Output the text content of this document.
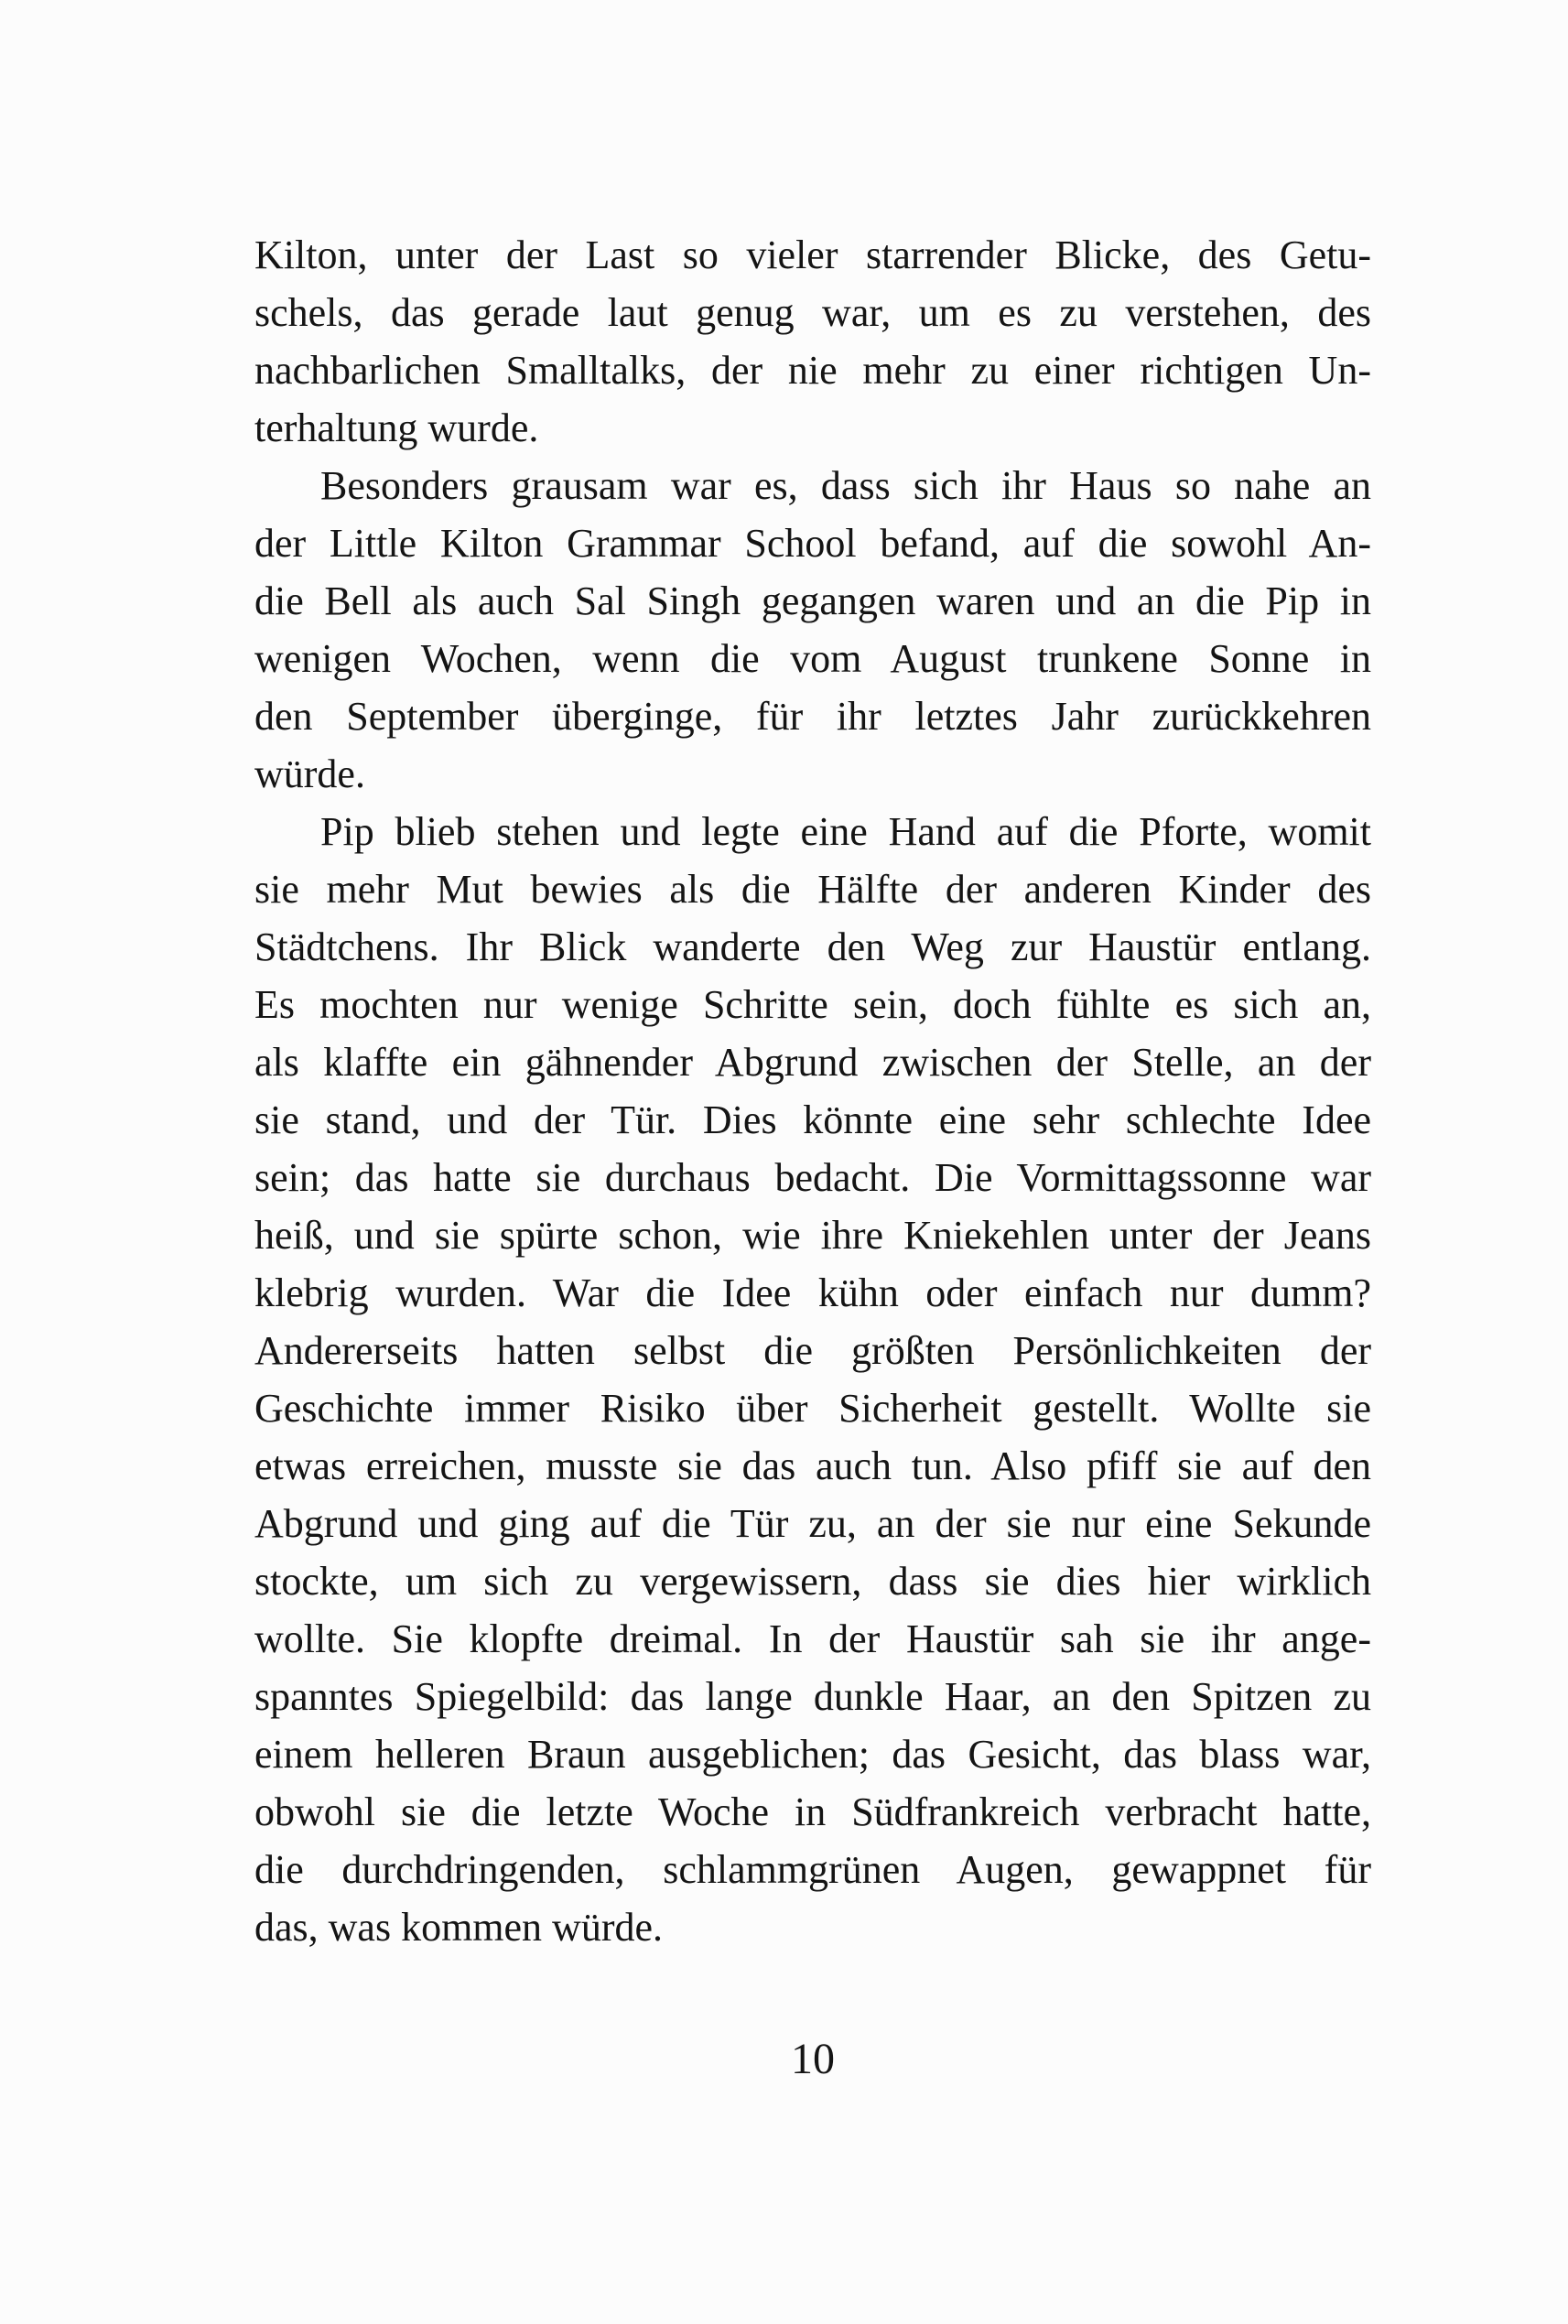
Kilton, unter der Last so vieler starrender Blicke, des Getu-
schels, das gerade laut genug war, um es zu verstehen, des
nachbarlichen Smalltalks, der nie mehr zu einer richtigen Un-
terhaltung wurde.
Besonders grausam war es, dass sich ihr Haus so nahe an
der Little Kilton Grammar School befand, auf die sowohl An-
die Bell als auch Sal Singh gegangen waren und an die Pip in
wenigen Wochen, wenn die vom August trunkene Sonne in
den September überginge, für ihr letztes Jahr zurückkehren
würde.
Pip blieb stehen und legte eine Hand auf die Pforte, womit
sie mehr Mut bewies als die Hälfte der anderen Kinder des
Städtchens. Ihr Blick wanderte den Weg zur Haustür entlang.
Es mochten nur wenige Schritte sein, doch fühlte es sich an,
als klaffte ein gähnender Abgrund zwischen der Stelle, an der
sie stand, und der Tür. Dies könnte eine sehr schlechte Idee
sein; das hatte sie durchaus bedacht. Die Vormittagssonne war
heiß, und sie spürte schon, wie ihre Kniekehlen unter der Jeans
klebrig wurden. War die Idee kühn oder einfach nur dumm?
Andererseits hatten selbst die größten Persönlichkeiten der
Geschichte immer Risiko über Sicherheit gestellt. Wollte sie
etwas erreichen, musste sie das auch tun. Also pfiff sie auf den
Abgrund und ging auf die Tür zu, an der sie nur eine Sekunde
stockte, um sich zu vergewissern, dass sie dies hier wirklich
wollte. Sie klopfte dreimal. In der Haustür sah sie ihr ange-
spanntes Spiegelbild: das lange dunkle Haar, an den Spitzen zu
einem helleren Braun ausgeblichen; das Gesicht, das blass war,
obwohl sie die letzte Woche in Südfrankreich verbracht hatte,
die durchdringenden, schlammgrünen Augen, gewappnet für
das, was kommen würde.
10
